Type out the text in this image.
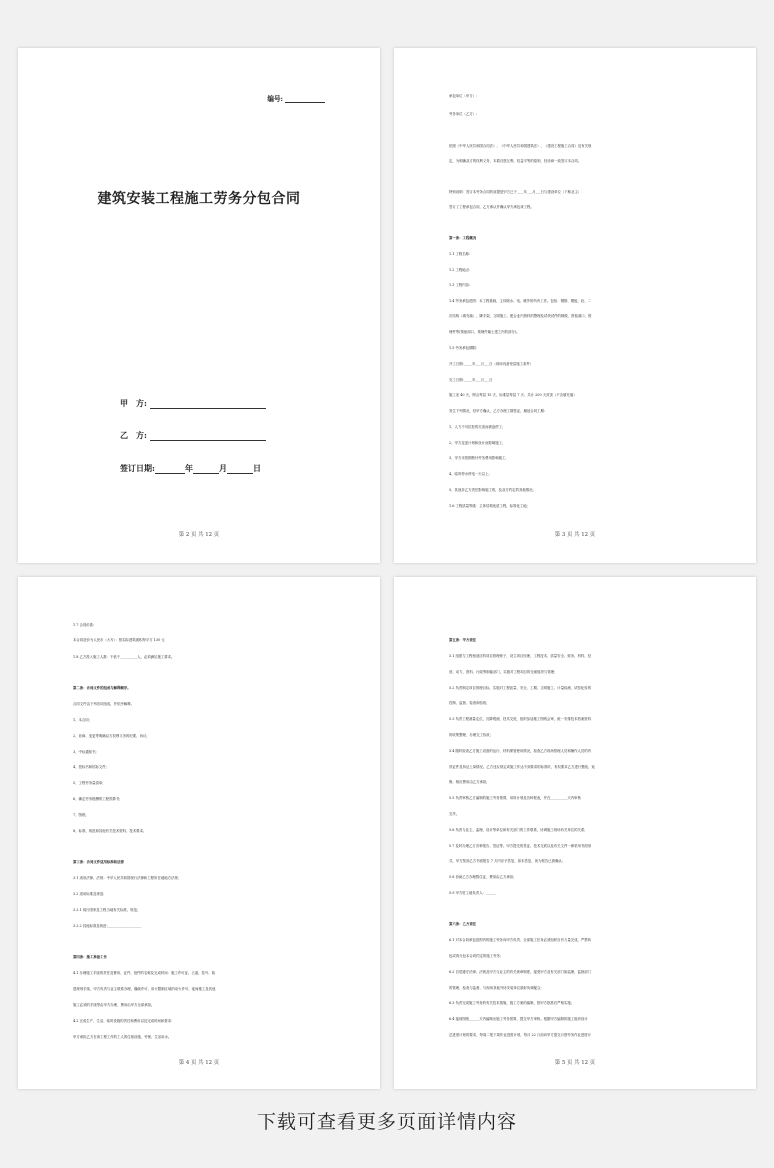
编号:
建筑安装工程施工劳务分包合同
甲　方:
乙　方:
签订日期:	年	月	日
第 2 页 共 12 页
承包单位（甲方）:
劳务单位（乙方）:
依照《中华人民共和国合同法》、《中华人民共和国建筑法》、《建设工程施工合同》及有关规
定，为明确双方的权利义务，本着自愿互利、权益平等的原则，经协商一致签订本合同。
特别说明：签订本劳务合同的前提是甲方已于____年___月___日与建设单位（下称业主）
签订了工程承包合同，乙方承认并确认甲方承包该工程。
第一条：工程概况
1.1 工程名称:
1.2 工程地点:
1.3 工程内容:
1.4 劳务承包范围：本工程基础、主体除水、电、暖外的所有工作。包括：钢筋、模板、砼、二
次结构（填充墙）、脚手架、文明施工、配合业内资料的整理及试块试件的制做、预留洞口、预
埋件等(预留洞口、预埋件属土建之内的部分)。
1.5 劳务承包期限:
开工日期:_____年___月___日（现场具备垫层施工条件）
完工日期:_____年___月___日
施工室 40 天，网点每层 15 天，标准层每层 7 天；共计 200 天封顶（不含填充墙）
发生下列情况，经甲方确认，乙方办理工期签证，顺延合同工期:
1、人力不可抗拒的灾害而被迫停工;
2、甲方变更计划和设计而影响施工;
3、甲方未按期拨付劳务费用影响施工;
4、临时停水停电一天以上;
5、其他非乙方责任影响施工的，及双方约定的其他情况。
1.6 工程质量等级：主体结构优质工程，标准化工地;
第 3 页 共 12 页
1.7 合同价款:
本合同造价为人民币（大写）：按实际建筑面积每平方 130 元
1.8 乙方投入施工人数：不低于__________人，必须满足施工要求。
第二条：合同文件的组成与解释顺序。
合同文件由下列各项组成，并依序解释。
1、本合同;
2、协商、变更等明确双方权利义务的纪要、协议;
3、中标通知书;
4、投标书和招标文件;
5、工程劳务量清单;
6、确定劳务报酬的工程预算书;
7、图纸;
8、标准、规范和其他有关技术资料、技术要求。
第三条：合同文件适用标准和法律
3.1 适用法律、法规：中华人民共和国现行法律和工程所在地地方法规;
3.2 适用标准及规范:
3.2.1 现行国家及工程当地有关标准、规范;
3.2.2 其他标准及规范:____________________
第四条：施工准备工作
4.1 办理施工手续的责任及费用、证件、批件的名称及完成时间：施工许可证、占道、挂号、临
建规划手续，甲方负责与业主联系办理，爆破许可、用火限制区域的动火许可、夜间施工及其他
施工必须的手续等由甲方办理，费用由甲方全部承担。
4.2 完成生产、生活、临时设施的责任和费用以及完成时间和要求:
甲方承担乙方在该工程工作的工人的住宿设施、劳保、生活用水。
第 4 页 共 12 页
第五条：甲方责任
5.1 组建与工程相适应的项目管理班子，设立项目经理、工程技术、质量安全、财务、材料、经
营、动力、资料、行政等职能部门，实施对工程项目的全面组织与管理;
5.2 负责制定项目管理目标，实施对工程质量、安全、工期、文明施工、计量检测、试验化验的
控制、监督、检查和验收;
5.3 负责工程测量定位，沉降观测，技术交底，组织参加施工图纸会审，统一安排技术档案资料
的收集整理，办理交工验收;
5.4 随时检查乙方施工设备的运行、材料保管使用情况，检查乙方现场管理人员和操作人员的有
效证件及持证上岗情况。乙方违反规定或施工作达不到要求的标准时，有权要求乙方进行整改、返
修，相应费用由乙方承担;
5.5 负责审核乙方编制的施工劳务预算，用料计划及各种报表，并在__________天内审核
完毕。
5.6 负责与业主、监理、设计等单位和有关部门的工作联系，协调施工现场有关单位的关系;
5.7 及时办理乙方各种报告、签证等。甲方提交的签证、技术交底以及有关文件一律采用书面形
式，甲方按到乙方书面报告 7 天内应予答复，如未答复，视为报告已被确认;
5.8 协助乙方办理暂住证，费用由乙方承担;
5.9 甲方驻工地负责人：______
第六条：乙方责任
6.1 对本合同承包范围内的施工劳务向甲方负责，全部施工任务必须组织自有力量完成，严禁转
包或再分包本合同约定的施工劳务;
6.2 自觉遵守法律、法规及甲方与业主的有关规章制度，接受甲方及有关部门如监理、监督部门
的管理、检查与监督，与现场其他外协安装单位搞好协调配合;
6.3 负责完成施工劳务的有关技术措施、施工方案的编制，按甲方批准后严格实施;
6.4 接到图纸______天内编制出施工劳务预算，提交甲方审核。根据甲方编制的施工组织设计
总进度计划的要求，每周二报下周作业进度计划，每月 22 日前向甲方提交月度劳务作业进度计
第 5 页 共 12 页
下载可查看更多页面详情内容
